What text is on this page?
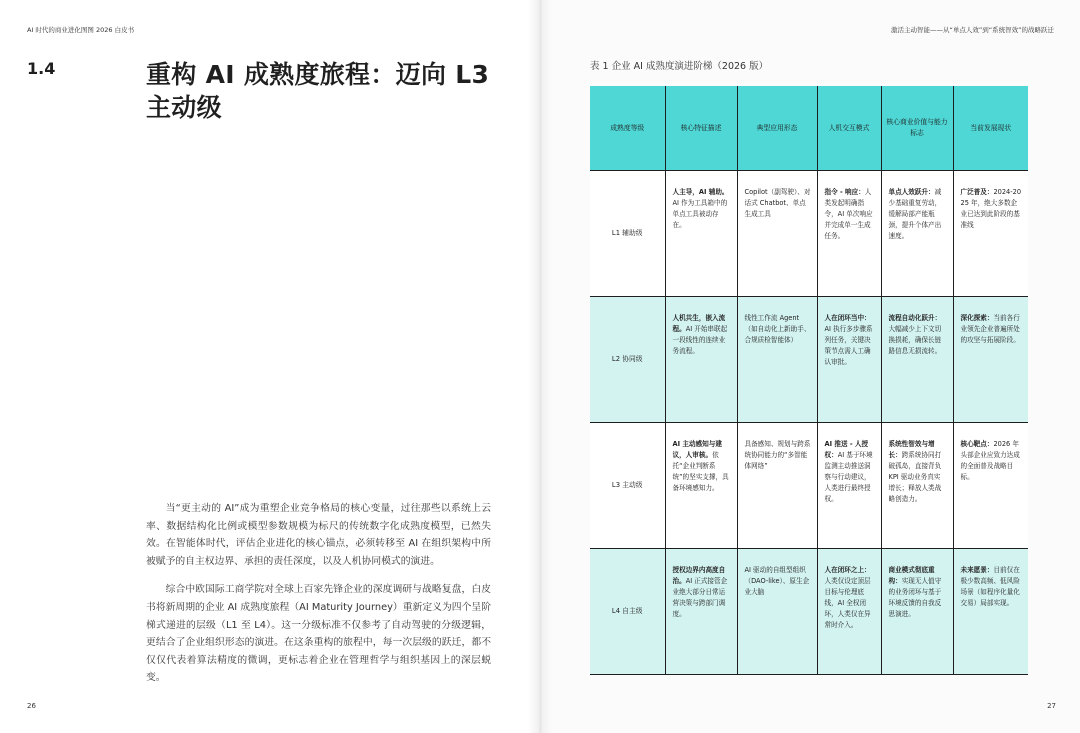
AI 时代的商业进化图图 2026 白皮书
1.4	重构 AI 成熟度旅程：迈向 L3 主动级

当“更主动的 AI”成为重塑企业竞争格局的核心变量，过往那些以系统上云率、数据结构化比例或模型参数规模为标尺的传统数字化成熟度模型，已然失效。在智能体时代，评估企业进化的核心锚点，必须转移至 AI 在组织架构中所被赋予的自主权边界、承担的责任深度，以及人机协同模式的演进。

综合中欧国际工商学院对全球上百家先锋企业的深度调研与战略复盘，白皮书将新周期的企业 AI 成熟度旅程（AI Maturity Journey）重新定义为四个呈阶梯式递进的层级（L1 至 L4）。这一分级标准不仅参考了自动驾驶的分级逻辑，更结合了企业组织形态的演进。在这条重构的旅程中，每一次层级的跃迁，都不仅仅代表着算法精度的微调，更标志着企业在管理哲学与组织基因上的深层蜕变。

26
激活主动智能——从“单点人效”到“系统智效”的战略跃迁
表 1 企业 AI 成熟度演进阶梯（2026 版）
成熟度等级	核心特征描述	典型应用形态	人机交互模式	核心商业价值与能力标志	当前发展现状
L1 辅助级	人主导，AI 辅助。AI 作为工具箱中的单点工具被动存在。	Copilot（副驾驶）、对话式 Chatbot、单点生成工具	指令 - 响应：人类发起明确指令，AI 单次响应并完成单一生成任务。	单点人效跃升：减少基础重复劳动，缓解局部产能瓶颈，提升个体产出速度。	广泛普及：2024-2025 年，绝大多数企业已达到此阶段的基准线
L2 协同级	人机共生，嵌入流程。AI 开始串联起一段线性的连续业务流程。	线性工作流 Agent（如自动化上新助手、合规质检智能体）	人在闭环当中：AI 执行多步骤系列任务，关键决策节点需人工确认审批。	流程自动化跃升：大幅减少上下文切换损耗，确保长链路信息无损流转。	深化探索：当前各行业领先企业普遍所处的攻坚与拓展阶段。
L3 主动级	AI 主动感知与建议，人审核。依托“企业判断系统”的坚实支撑，具备环境感知力。	具备感知、规划与跨系统协同能力的“多智能体网络”	AI 推送 - 人授权：AI 基于环境监测主动推送洞察与行动建议，人类进行最终授权。	系统性智效与增长：跨系统协同打破孤岛，直接背负 KPI 驱动业务真实增长；释放人类战略创造力。	核心靶点：2026 年头部企业应致力达成的全面普及战略目标。
L4 自主级	授权边界内高度自治。AI 正式接管企业绝大部分日常运营决策与跨部门调度。	AI 驱动的自组型组织（DAO-like）、原生企业大脑	人在闭环之上：人类仅设定顶层目标与伦理底线，AI 全权闭环，人类仅在异常时介入。	商业模式彻底重构：实现无人值守的业务闭环与基于环境反馈的自我反思演进。	未来愿景：目前仅在极少数高频、低风险场景（如程序化量化交易）局部实现。
27
